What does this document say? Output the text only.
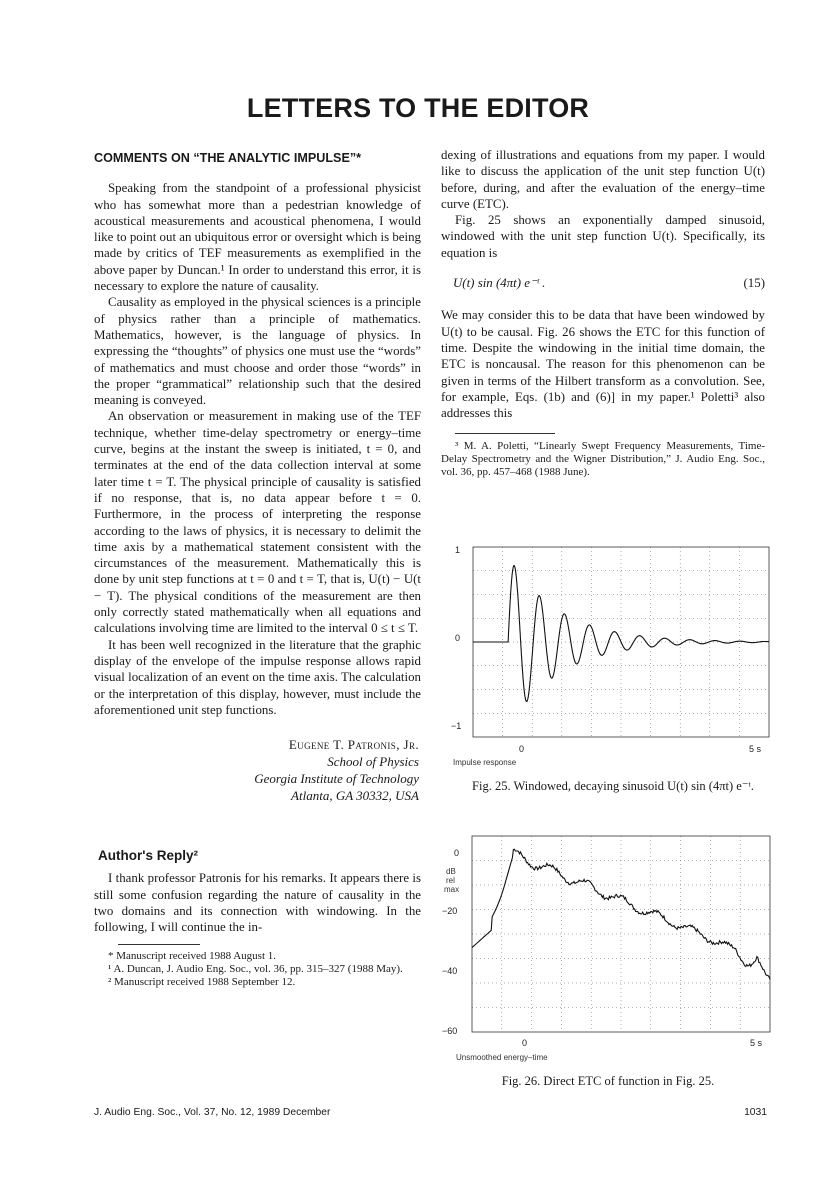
LETTERS TO THE EDITOR
COMMENTS ON “THE ANALYTIC IMPULSE”*

Speaking from the standpoint of a professional physicist who has somewhat more than a pedestrian knowledge of acoustical measurements and acoustical phenomena, I would like to point out an ubiquitous error or oversight which is being made by critics of TEF measurements as exemplified in the above paper by Duncan.¹ In order to understand this error, it is necessary to explore the nature of causality.

Causality as employed in the physical sciences is a principle of physics rather than a principle of mathematics. Mathematics, however, is the language of physics. In expressing the “thoughts” of physics one must use the “words” of mathematics and must choose and order those “words” in the proper “grammatical” relationship such that the desired meaning is conveyed.

An observation or measurement in making use of the TEF technique, whether time-delay spectrometry or energy–time curve, begins at the instant the sweep is initiated, t = 0, and terminates at the end of the data collection interval at some later time t = T. The physical principle of causality is satisfied if no response, that is, no data appear before t = 0. Furthermore, in the process of interpreting the response according to the laws of physics, it is necessary to delimit the time axis by a mathematical statement consistent with the circumstances of the measurement. Mathematically this is done by unit step functions at t = 0 and t = T, that is, U(t) − U(t − T). The physical conditions of the measurement are then only correctly stated mathematically when all equations and calculations involving time are limited to the interval 0 ≤ t ≤ T.

It has been well recognized in the literature that the graphic display of the envelope of the impulse response allows rapid visual localization of an event on the time axis. The calculation or the interpretation of this display, however, must include the aforementioned unit step functions.

Eugene T. Patronis, Jr.
School of Physics
Georgia Institute of Technology
Atlanta, GA 30332, USA
Author's Reply²

I thank professor Patronis for his remarks. It appears there is still some confusion regarding the nature of causality in the two domains and its connection with windowing. In the following, I will continue the in-

* Manuscript received 1988 August 1.

¹ A. Duncan, J. Audio Eng. Soc., vol. 36, pp. 315–327 (1988 May).

² Manuscript received 1988 September 12.

dexing of illustrations and equations from my paper. I would like to discuss the application of the unit step function U(t) before, during, and after the evaluation of the energy–time curve (ETC).

Fig. 25 shows an exponentially damped sinusoid, windowed with the unit step function U(t). Specifically, its equation is

U(t) sin (4πt) e⁻ᵗ .	(15)

We may consider this to be data that have been windowed by U(t) to be causal. Fig. 26 shows the ETC for this function of time. Despite the windowing in the initial time domain, the ETC is noncausal. The reason for this phenomenon can be given in terms of the Hilbert transform as a convolution. See, for example, Eqs. (1b) and (6)] in my paper.¹ Poletti³ also addresses this

³ M. A. Poletti, “Linearly Swept Frequency Measurements, Time-Delay Spectrometry and the Wigner Distribution,” J. Audio Eng. Soc., vol. 36, pp. 457–468 (1988 June).

1
0
−1
0	5 s
Impulse response
Fig. 25. Windowed, decaying sinusoid U(t) sin (4πt) e⁻ᵗ.
0
−20
−40
−60
dB
rel
max
0	5 s
Unsmoothed energy–time
Fig. 26. Direct ETC of function in Fig. 25.
J. Audio Eng. Soc., Vol. 37, No. 12, 1989 December	1031
